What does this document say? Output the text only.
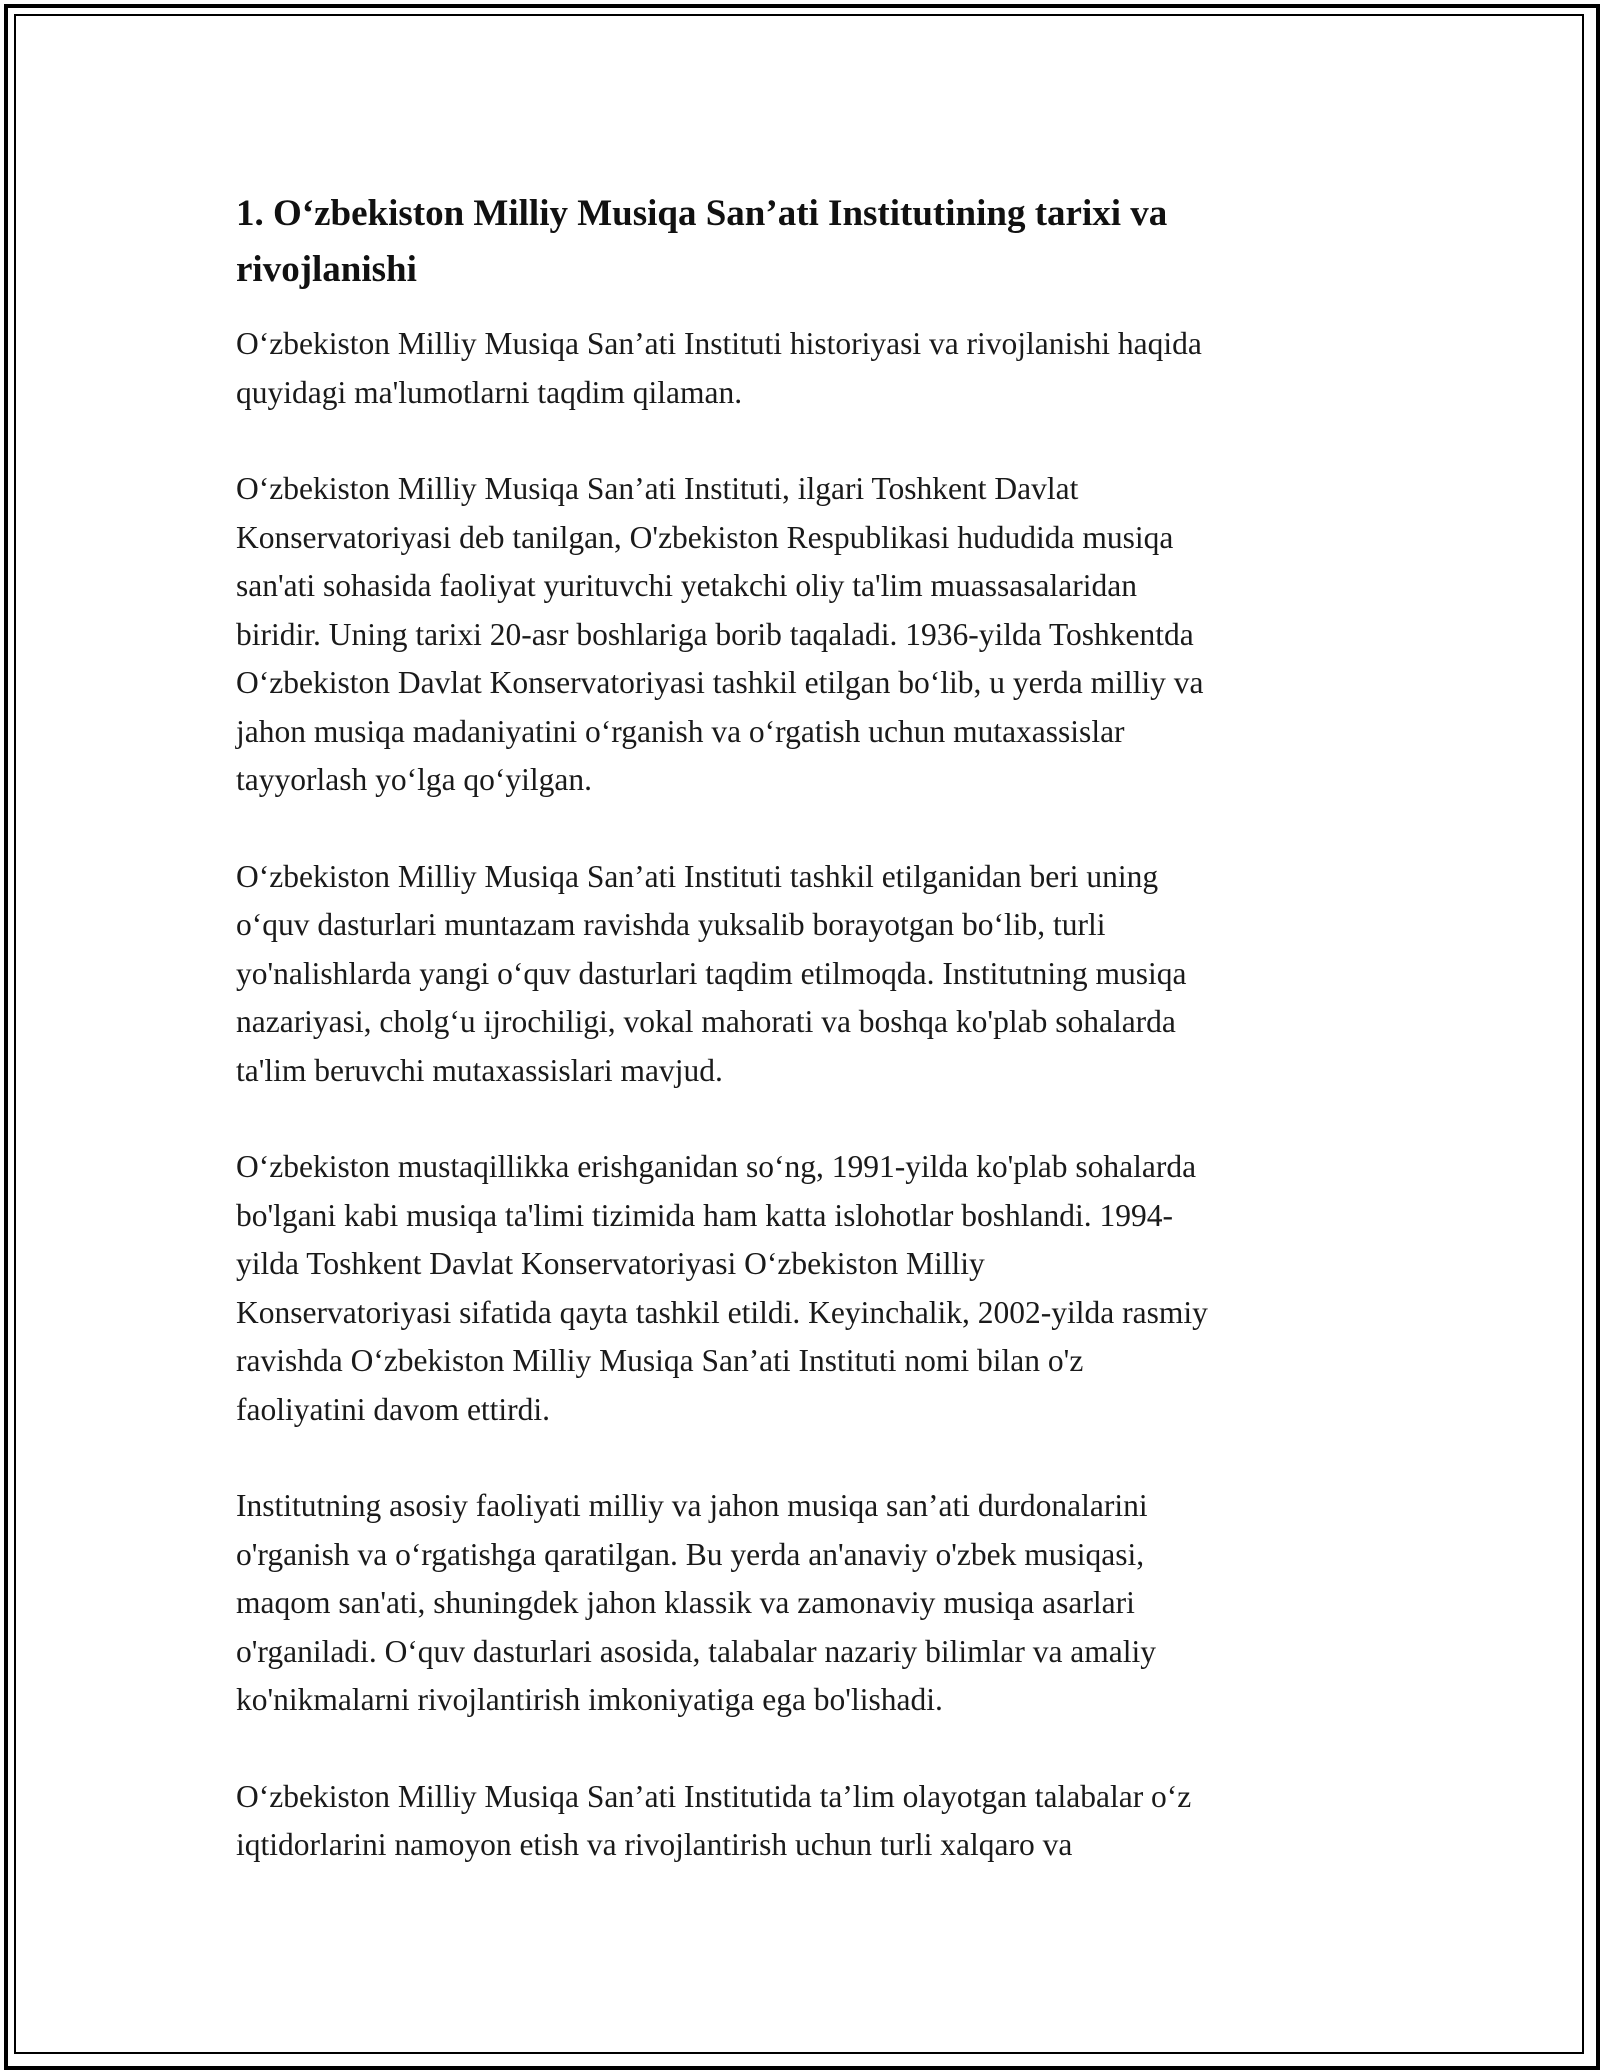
1. O‘zbekiston Milliy Musiqa San’ati Institutining tarixi va
rivojlanishi

O‘zbekiston Milliy Musiqa San’ati Instituti historiyasi va rivojlanishi haqida
quyidagi ma'lumotlarni taqdim qilaman.

O‘zbekiston Milliy Musiqa San’ati Instituti, ilgari Toshkent Davlat
Konservatoriyasi deb tanilgan, O'zbekiston Respublikasi hududida musiqa
san'ati sohasida faoliyat yurituvchi yetakchi oliy ta'lim muassasalaridan
biridir. Uning tarixi 20-asr boshlariga borib taqaladi. 1936-yilda Toshkentda
O‘zbekiston Davlat Konservatoriyasi tashkil etilgan bo‘lib, u yerda milliy va
jahon musiqa madaniyatini o‘rganish va o‘rgatish uchun mutaxassislar
tayyorlash yo‘lga qo‘yilgan.

O‘zbekiston Milliy Musiqa San’ati Instituti tashkil etilganidan beri uning
o‘quv dasturlari muntazam ravishda yuksalib borayotgan bo‘lib, turli
yo'nalishlarda yangi o‘quv dasturlari taqdim etilmoqda. Institutning musiqa
nazariyasi, cholg‘u ijrochiligi, vokal mahorati va boshqa ko'plab sohalarda
ta'lim beruvchi mutaxassislari mavjud.

O‘zbekiston mustaqillikka erishganidan so‘ng, 1991-yilda ko'plab sohalarda
bo'lgani kabi musiqa ta'limi tizimida ham katta islohotlar boshlandi. 1994-
yilda Toshkent Davlat Konservatoriyasi O‘zbekiston Milliy
Konservatoriyasi sifatida qayta tashkil etildi. Keyinchalik, 2002-yilda rasmiy
ravishda O‘zbekiston Milliy Musiqa San’ati Instituti nomi bilan o'z
faoliyatini davom ettirdi.

Institutning asosiy faoliyati milliy va jahon musiqa san’ati durdonalarini
o'rganish va o‘rgatishga qaratilgan. Bu yerda an'anaviy o'zbek musiqasi,
maqom san'ati, shuningdek jahon klassik va zamonaviy musiqa asarlari
o'rganiladi. O‘quv dasturlari asosida, talabalar nazariy bilimlar va amaliy
ko'nikmalarni rivojlantirish imkoniyatiga ega bo'lishadi.

O‘zbekiston Milliy Musiqa San’ati Institutida ta’lim olayotgan talabalar o‘z
iqtidorlarini namoyon etish va rivojlantirish uchun turli xalqaro va
